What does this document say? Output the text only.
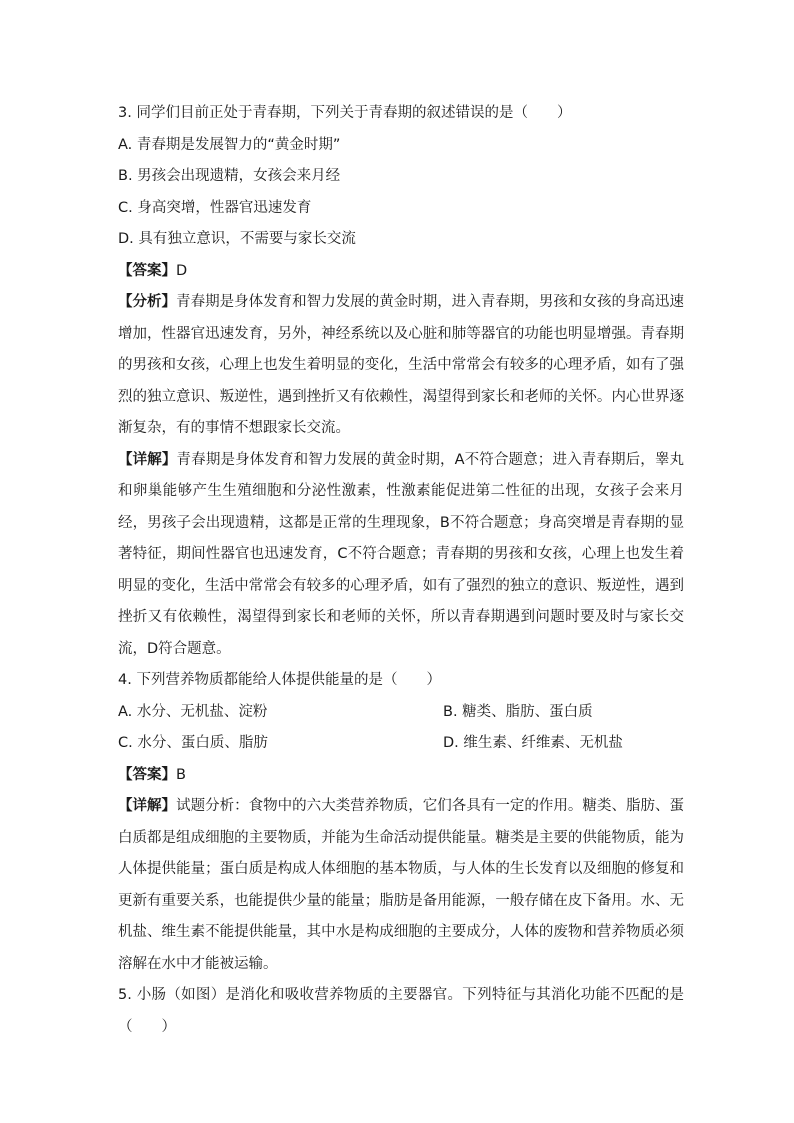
3. 同学们目前正处于青春期，下列关于青春期的叙述错误的是（　　）
A. 青春期是发展智力的“黄金时期”
B. 男孩会出现遗精，女孩会来月经
C. 身高突增，性器官迅速发育
D. 具有独立意识，不需要与家长交流
【答案】D
【分析】青春期是身体发育和智力发展的黄金时期，进入青春期，男孩和女孩的身高迅速增加，性器官迅速发育，另外，神经系统以及心脏和肺等器官的功能也明显增强。青春期的男孩和女孩，心理上也发生着明显的变化，生活中常常会有较多的心理矛盾，如有了强烈的独立意识、叛逆性，遇到挫折又有依赖性，渴望得到家长和老师的关怀。内心世界逐渐复杂，有的事情不想跟家长交流。
【详解】青春期是身体发育和智力发展的黄金时期，A不符合题意；进入青春期后，睾丸和卵巢能够产生生殖细胞和分泌性激素，性激素能促进第二性征的出现，女孩子会来月经，男孩子会出现遗精，这都是正常的生理现象，B不符合题意；身高突增是青春期的显著特征，期间性器官也迅速发育，C不符合题意；青春期的男孩和女孩，心理上也发生着明显的变化，生活中常常会有较多的心理矛盾，如有了强烈的独立的意识、叛逆性，遇到挫折又有依赖性，渴望得到家长和老师的关怀，所以青春期遇到问题时要及时与家长交流，D符合题意。
4. 下列营养物质都能给人体提供能量的是（　　）
A. 水分、无机盐、淀粉	B. 糖类、脂肪、蛋白质
C. 水分、蛋白质、脂肪	D. 维生素、纤维素、无机盐
【答案】B
【详解】试题分析：食物中的六大类营养物质，它们各具有一定的作用。糖类、脂肪、蛋白质都是组成细胞的主要物质，并能为生命活动提供能量。糖类是主要的供能物质，能为人体提供能量；蛋白质是构成人体细胞的基本物质，与人体的生长发育以及细胞的修复和更新有重要关系，也能提供少量的能量；脂肪是备用能源，一般存储在皮下备用。水、无机盐、维生素不能提供能量，其中水是构成细胞的主要成分，人体的废物和营养物质必须溶解在水中才能被运输。
5. 小肠（如图）是消化和吸收营养物质的主要器官。下列特征与其消化功能不匹配的是（　　）
